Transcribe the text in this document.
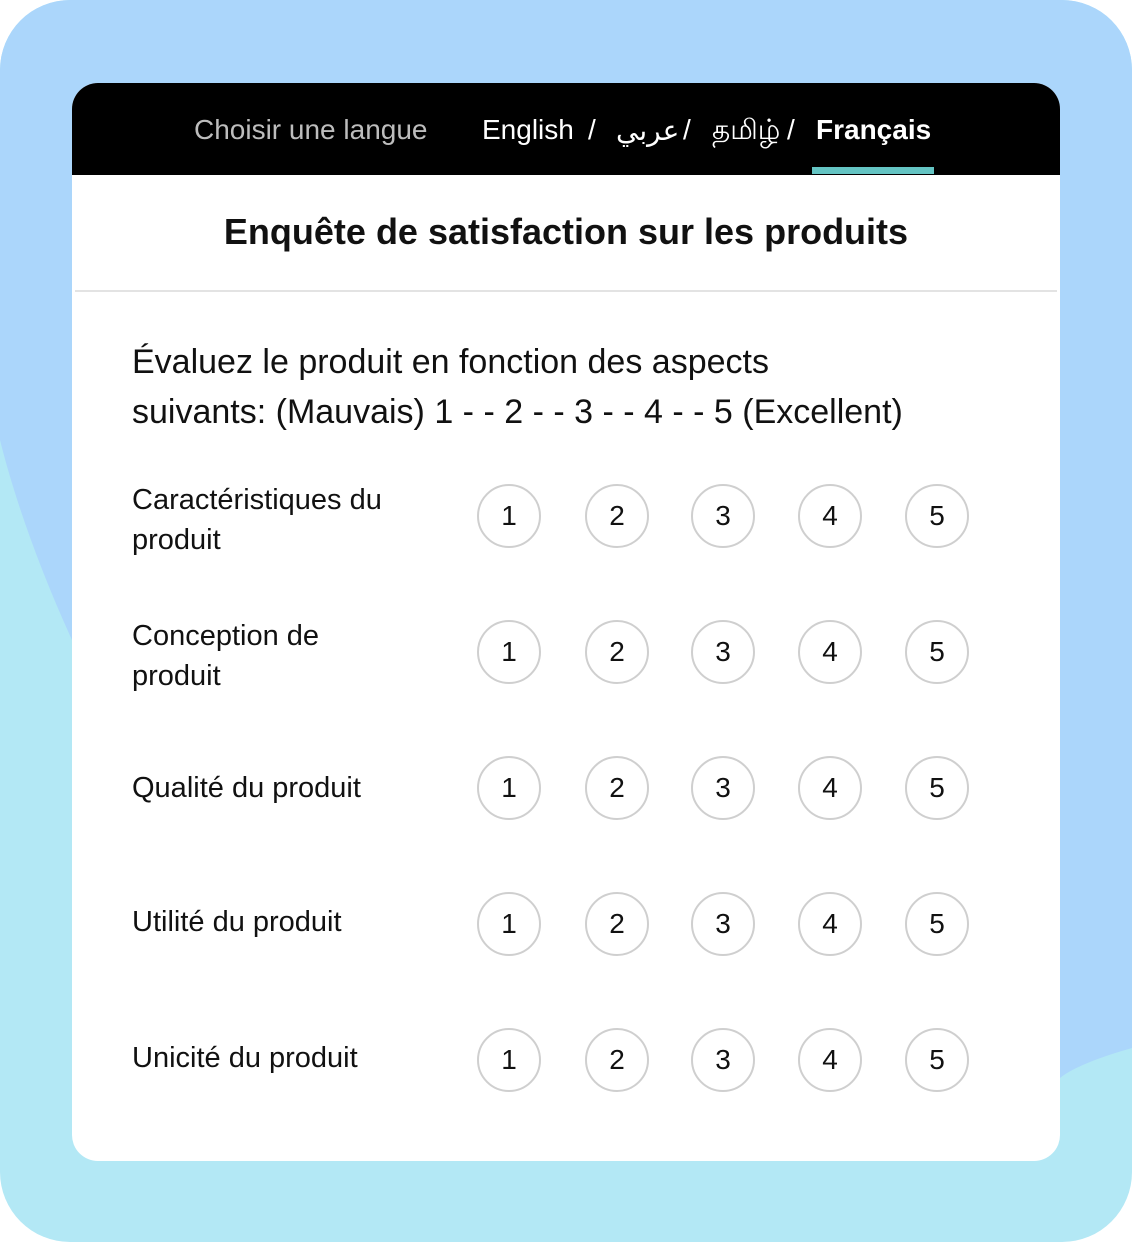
Choisir une langue English / عربي / தமிழ் / Français
Enquête de satisfaction sur les produits
Évaluez le produit en fonction des aspects
suivants: (Mauvais) 1 - - 2 - - 3 - - 4 - - 5 (Excellent)
Caractéristiques du
produit
1	2	3	4	5
Conception de
produit
1	2	3	4	5
Qualité du produit	1	2	3	4	5
Utilité du produit	1	2	3	4	5
Unicité du produit	1	2	3	4	5
